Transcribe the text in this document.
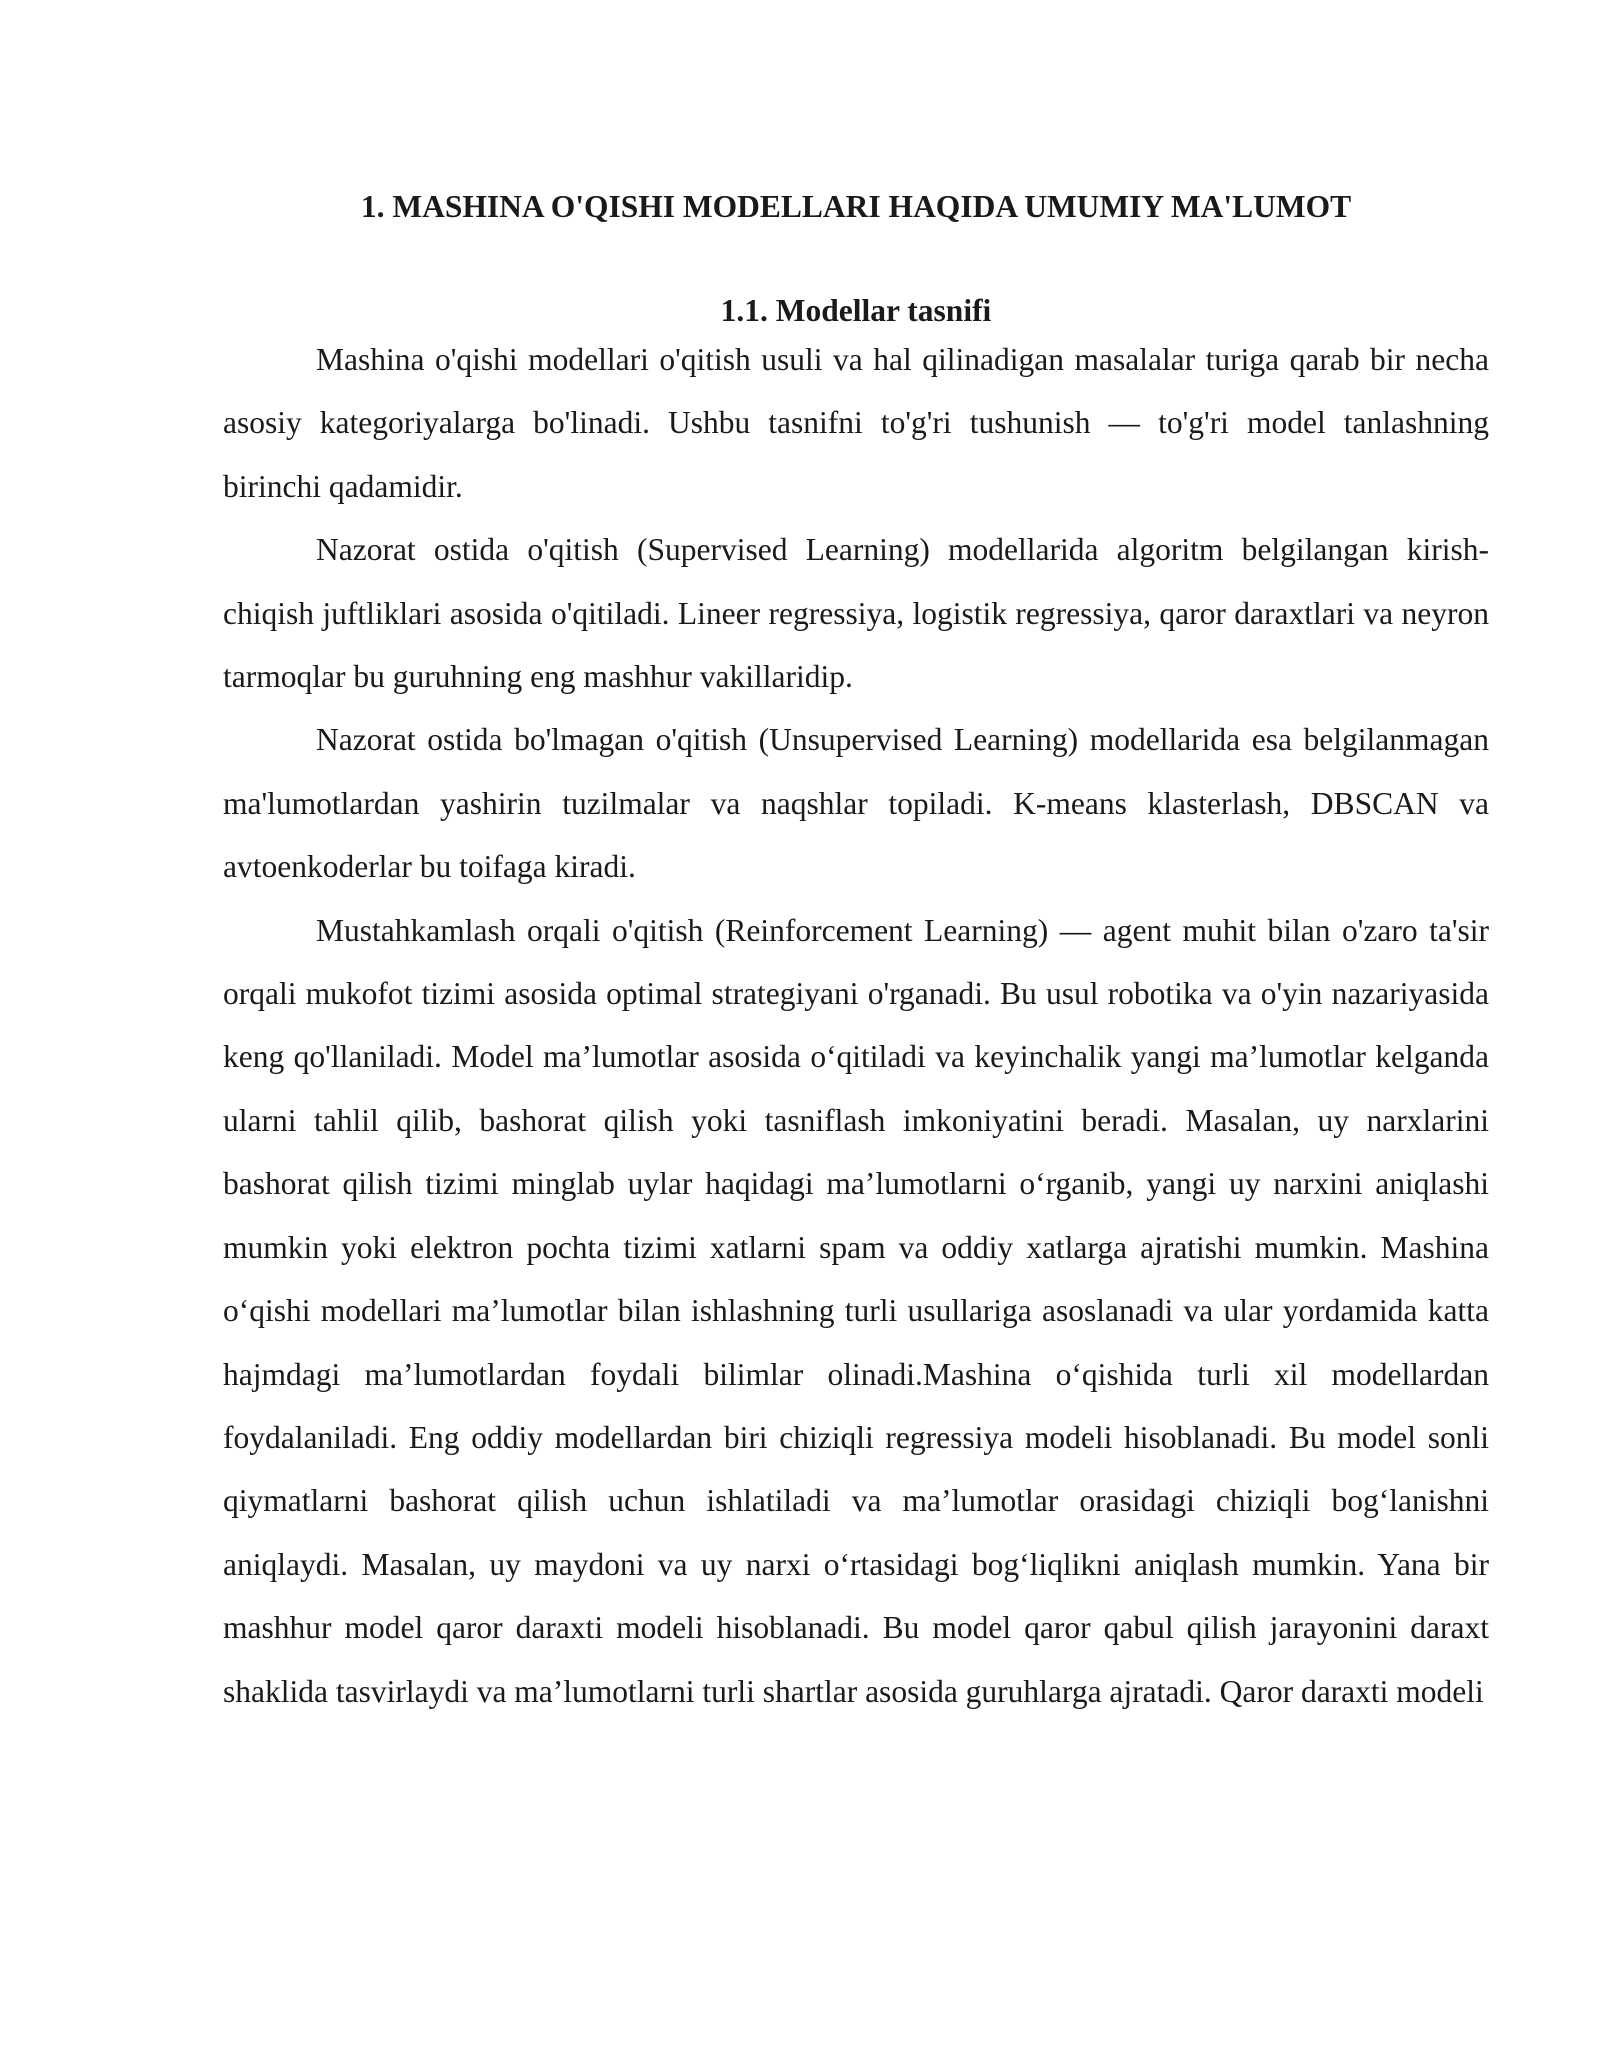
1. MASHINA O'QISHI MODELLARI HAQIDA UMUMIY MA'LUMOT
1.1. Modellar tasnifi

Mashina o'qishi modellari o'qitish usuli va hal qilinadigan masalalar turiga qarab bir necha asosiy kategoriyalarga bo'linadi. Ushbu tasnifni to'g'ri tushunish — to'g'ri model tanlashning birinchi qadamidir.

Nazorat ostida o'qitish (Supervised Learning) modellarida algoritm belgilangan kirish-chiqish juftliklari asosida o'qitiladi. Lineer regressiya, logistik regressiya, qaror daraxtlari va neyron tarmoqlar bu guruhning eng mashhur vakillaridip.

Nazorat ostida bo'lmagan o'qitish (Unsupervised Learning) modellarida esa belgilanmagan ma'lumotlardan yashirin tuzilmalar va naqshlar topiladi. K-means klasterlash, DBSCAN va avtoenkoderlar bu toifaga kiradi.

Mustahkamlash orqali o'qitish (Reinforcement Learning) — agent muhit bilan o'zaro ta'sir orqali mukofot tizimi asosida optimal strategiyani o'rganadi. Bu usul robotika va o'yin nazariyasida keng qo'llaniladi. Model ma’lumotlar asosida o‘qitiladi va keyinchalik yangi ma’lumotlar kelganda ularni tahlil qilib, bashorat qilish yoki tasniflash imkoniyatini beradi. Masalan, uy narxlarini bashorat qilish tizimi minglab uylar haqidagi ma’lumotlarni o‘rganib, yangi uy narxini aniqlashi mumkin yoki elektron pochta tizimi xatlarni spam va oddiy xatlarga ajratishi mumkin. Mashina o‘qishi modellari ma’lumotlar bilan ishlashning turli usullariga asoslanadi va ular yordamida katta hajmdagi ma’lumotlardan foydali bilimlar olinadi.Mashina o‘qishida turli xil modellardan foydalaniladi. Eng oddiy modellardan biri chiziqli regressiya modeli hisoblanadi. Bu model sonli qiymatlarni bashorat qilish uchun ishlatiladi va ma’lumotlar orasidagi chiziqli bog‘lanishni aniqlaydi. Masalan, uy maydoni va uy narxi o‘rtasidagi bog‘liqlikni aniqlash mumkin. Yana bir mashhur model qaror daraxti modeli hisoblanadi. Bu model qaror qabul qilish jarayonini daraxt shaklida tasvirlaydi va ma’lumotlarni turli shartlar asosida guruhlarga ajratadi. Qaror daraxti modeli
